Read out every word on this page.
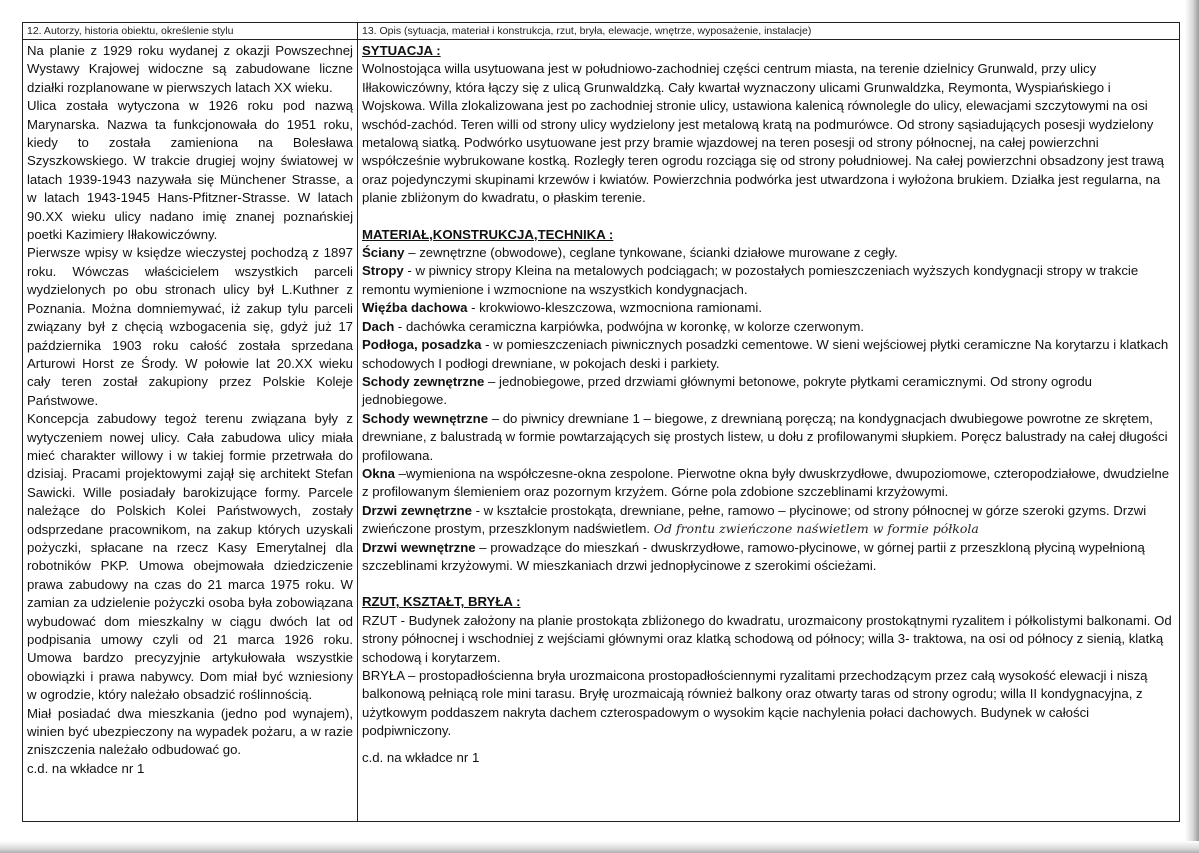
12. Autorzy, historia obiektu, określenie stylu	13. Opis (sytuacja, materiał i konstrukcja, rzut, bryła, elewacje, wnętrze, wyposażenie, instalacje)

Na planie z 1929 roku wydanej z okazji Powszechnej Wystawy Krajowej widoczne są zabudowane liczne działki rozplanowane w pierwszych latach XX wieku.

Ulica została wytyczona w 1926 roku pod nazwą Marynarska. Nazwa ta funkcjonowała do 1951 roku, kiedy to została zamieniona na Bolesława Szyszkowskiego. W trakcie drugiej wojny światowej w latach 1939-1943 nazywała się Münchener Strasse, a w latach 1943-1945 Hans-Pfitzner-Strasse. W latach 90.XX wieku ulicy nadano imię znanej poznańskiej poetki Kazimiery Iłłakowiczówny.

Pierwsze wpisy w księdze wieczystej pochodzą z 1897 roku. Wówczas właścicielem wszystkich parceli wydzielonych po obu stronach ulicy był L.Kuthner z Poznania. Można domniemywać, iż zakup tylu parceli związany był z chęcią wzbogacenia się, gdyż już 17 października 1903 roku całość została sprzedana Arturowi Horst ze Środy. W połowie lat 20.XX wieku cały teren został zakupiony przez Polskie Koleje Państwowe.

Koncepcja zabudowy tegoż terenu związana były z wytyczeniem nowej ulicy. Cała zabudowa ulicy miała mieć charakter willowy i w takiej formie przetrwała do dzisiaj. Pracami projektowymi zajął się architekt Stefan Sawicki. Wille posiadały barokizujące formy. Parcele należące do Polskich Kolei Państwowych, zostały odsprzedane pracownikom, na zakup których uzyskali pożyczki, spłacane na rzecz Kasy Emerytalnej dla robotników PKP. Umowa obejmowała dziedziczenie prawa zabudowy na czas do 21 marca 1975 roku. W zamian za udzielenie pożyczki osoba była zobowiązana wybudować dom mieszkalny w ciągu dwóch lat od podpisania umowy czyli od 21 marca 1926 roku. Umowa bardzo precyzyjnie artykułowała wszystkie obowiązki i prawa nabywcy. Dom miał być wzniesiony w ogrodzie, który należało obsadzić roślinnością.

Miał posiadać dwa mieszkania (jedno pod wynajem), winien być ubezpieczony na wypadek pożaru, a w razie zniszczenia należało odbudować go.

c.d. na wkładce nr 1

SYTUACJA :

Wolnostojąca willa usytuowana jest w południowo-zachodniej części centrum miasta, na terenie dzielnicy Grunwald, przy ulicy Iłłakowiczówny, która łączy się z ulicą Grunwaldzką. Cały kwartał wyznaczony ulicami Grunwaldzka, Reymonta, Wyspiańskiego i Wojskowa. Willa zlokalizowana jest po zachodniej stronie ulicy, ustawiona kalenicą równolegle do ulicy, elewacjami szczytowymi na osi wschód-zachód. Teren willi od strony ulicy wydzielony jest metalową kratą na podmurówce. Od strony sąsiadujących posesji wydzielony metalową siatką. Podwórko usytuowane jest przy bramie wjazdowej na teren posesji od strony północnej, na całej powierzchni współcześnie wybrukowane kostką. Rozległy teren ogrodu rozciąga się od strony południowej. Na całej powierzchni obsadzony jest trawą oraz pojedynczymi skupinami krzewów i kwiatów. Powierzchnia podwórka jest utwardzona i wyłożona brukiem. Działka jest regularna, na planie zbliżonym do kwadratu, o płaskim terenie.

MATERIAŁ,KONSTRUKCJA,TECHNIKA :

Ściany – zewnętrzne (obwodowe), ceglane tynkowane, ścianki działowe murowane z cegły.

Stropy - w piwnicy stropy Kleina na metalowych podciągach; w pozostałych pomieszczeniach wyższych kondygnacji stropy w trakcie remontu wymienione i wzmocnione na wszystkich kondygnacjach.

Więźba dachowa - krokwiowo-kleszczowa, wzmocniona ramionami.

Dach - dachówka ceramiczna karpiówka, podwójna w koronkę, w kolorze czerwonym.

Podłoga, posadzka - w pomieszczeniach piwnicznych posadzki cementowe. W sieni wejściowej płytki ceramiczne Na korytarzu i klatkach schodowych I podłogi drewniane, w pokojach deski i parkiety.

Schody zewnętrzne – jednobiegowe, przed drzwiami głównymi betonowe, pokryte płytkami ceramicznymi. Od strony ogrodu jednobiegowe.

Schody wewnętrzne – do piwnicy drewniane 1 – biegowe, z drewnianą poręczą; na kondygnacjach dwubiegowe powrotne ze skrętem, drewniane, z balustradą w formie powtarzających się prostych listew, u dołu z profilowanymi słupkiem. Poręcz balustrady na całej długości profilowana.

Okna –wymieniona na współczesne-okna zespolone. Pierwotne okna były dwuskrzydłowe, dwupoziomowe, czteropodziałowe, dwudzielne z profilowanym ślemieniem oraz pozornym krzyżem. Górne pola zdobione szczeblinami krzyżowymi.

Drzwi zewnętrzne - w kształcie prostokąta, drewniane, pełne, ramowo – płycinowe; od strony północnej w górze szeroki gzyms. Drzwi zwieńczone prostym, przeszklonym nadświetlem. Od frontu zwieńczone naświetlem w formie półkola

Drzwi wewnętrzne – prowadzące do mieszkań - dwuskrzydłowe, ramowo-płycinowe, w górnej partii z przeszkloną płyciną wypełnioną szczeblinami krzyżowymi. W mieszkaniach drzwi jednopłycinowe z szerokimi ościeżami.

RZUT, KSZTAŁT, BRYŁA :

RZUT - Budynek założony na planie prostokąta zbliżonego do kwadratu, urozmaicony prostokątnymi ryzalitem i półkolistymi balkonami. Od strony północnej i wschodniej z wejściami głównymi oraz klatką schodową od północy; willa 3- traktowa, na osi od północy z sienią, klatką schodową i korytarzem.

BRYŁA – prostopadłościenna bryła urozmaicona prostopadłościennymi ryzalitami przechodzącym przez całą wysokość elewacji i niszą balkonową pełniącą role mini tarasu. Bryłę urozmaicają również balkony oraz otwarty taras od strony ogrodu; willa II kondygnacyjna, z użytkowym poddaszem nakryta dachem czterospadowym o wysokim kącie nachylenia połaci dachowych. Budynek w całości podpiwniczony.

c.d. na wkładce nr 1
